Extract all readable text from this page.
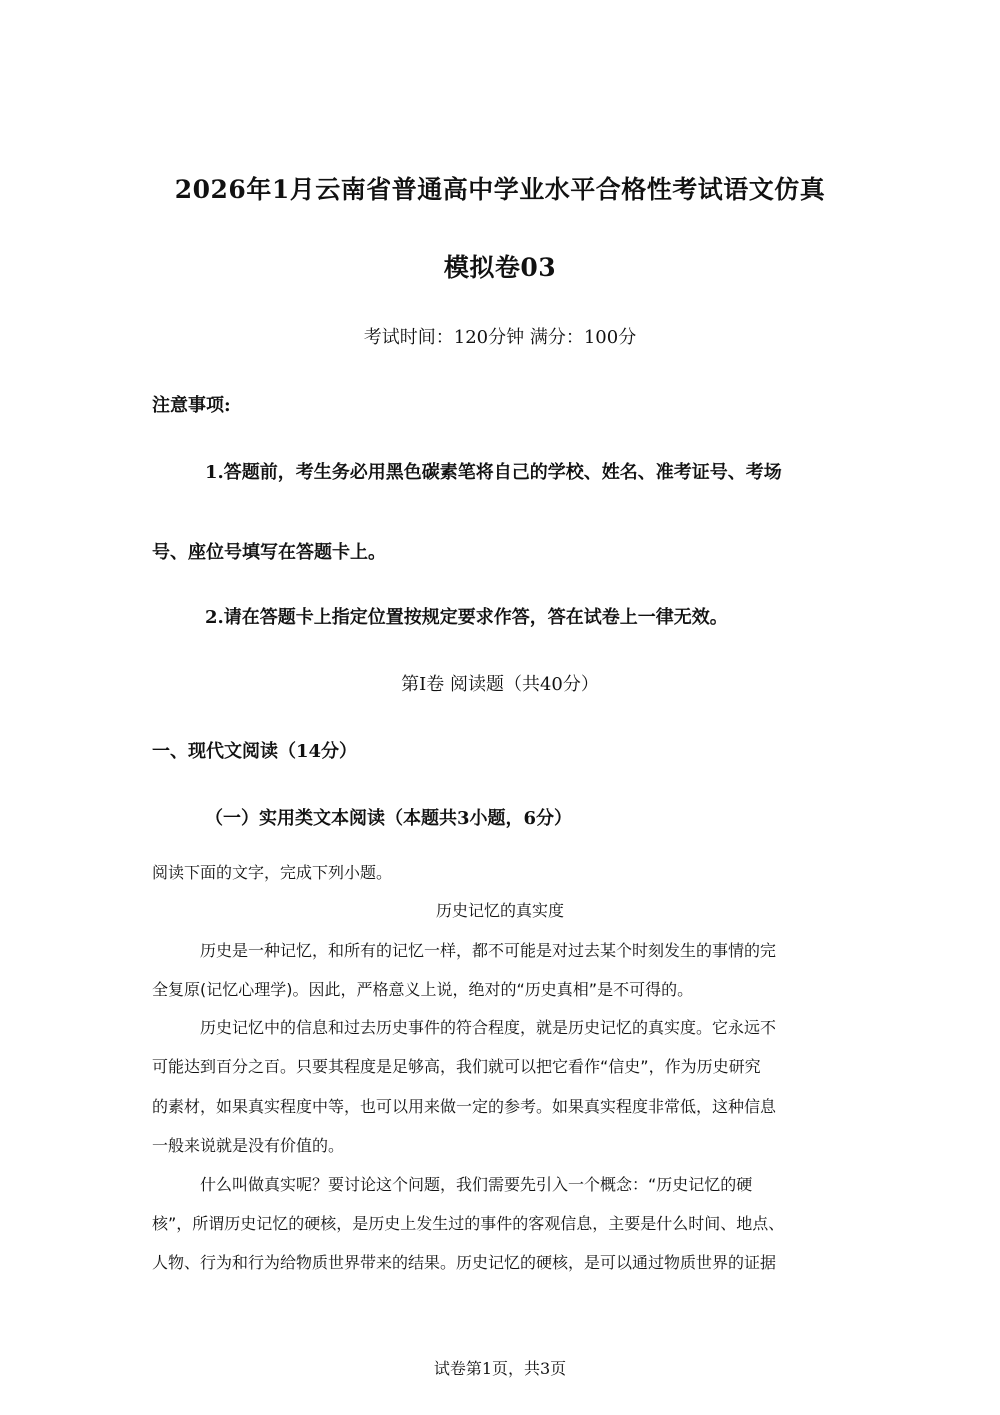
2026年1月云南省普通高中学业水平合格性考试语文仿真
模拟卷03
考试时间：120分钟 满分：100分
注意事项:
1.答题前，考生务必用黑色碳素笔将自己的学校、姓名、准考证号、考场
号、座位号填写在答题卡上。
2.请在答题卡上指定位置按规定要求作答，答在试卷上一律无效。
第I卷 阅读题（共40分）
一、现代文阅读（14分）
（一）实用类文本阅读（本题共3小题，6分）
阅读下面的文字，完成下列小题。
历史记忆的真实度
历史是一种记忆，和所有的记忆一样，都不可能是对过去某个时刻发生的事情的完
全复原(记忆心理学)。因此，严格意义上说，绝对的“历史真相”是不可得的。
历史记忆中的信息和过去历史事件的符合程度，就是历史记忆的真实度。它永远不
可能达到百分之百。只要其程度是足够高，我们就可以把它看作“信史”，作为历史研究
的素材，如果真实程度中等，也可以用来做一定的参考。如果真实程度非常低，这种信息
一般来说就是没有价值的。
什么叫做真实呢？要讨论这个问题，我们需要先引入一个概念：“历史记忆的硬
核”，所谓历史记忆的硬核，是历史上发生过的事件的客观信息，主要是什么时间、地点、
人物、行为和行为给物质世界带来的结果。历史记忆的硬核，是可以通过物质世界的证据
试卷第1页，共3页
